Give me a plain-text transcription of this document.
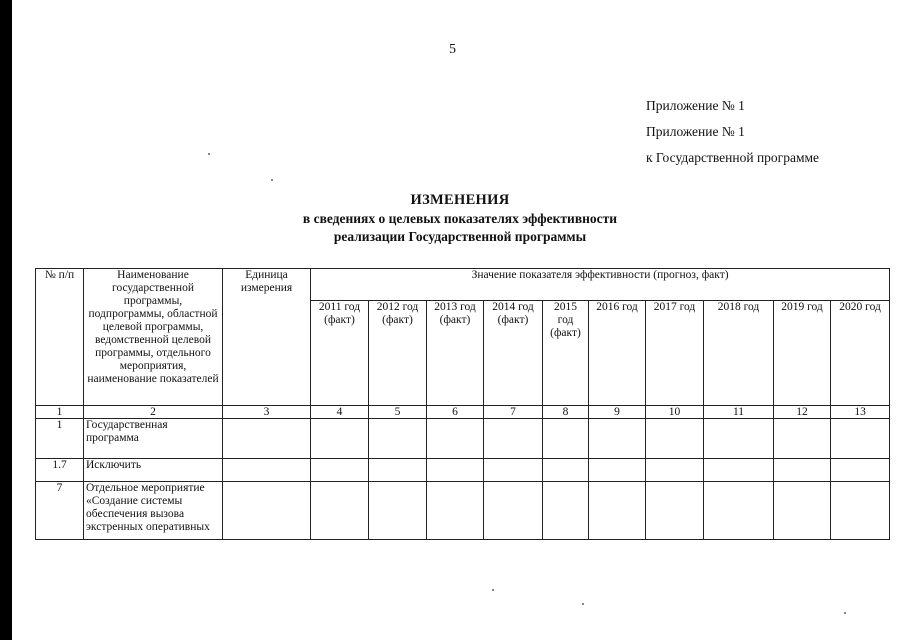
5
Приложение № 1
Приложение № 1
к Государственной программе
ИЗМЕНЕНИЯ
в сведениях о целевых показателях эффективности
реализации Государственной программы
№ п/п	Наименование государственной программы, подпрограммы, областной целевой программы, ведомственной целевой программы, отдельного мероприятия, наименование показателей	Единица измерения	Значение показателя эффективности (прогноз, факт)									
			2011 год (факт)	2012 год (факт)	2013 год (факт)	2014 год (факт)	2015 год (факт)	2016 год	2017 год	2018 год	2019 год	2020 год
1	2	3	4	5	6	7	8	9	10	11	12	13
1	Государственная программа											
1.7	Исключить											
7	Отдельное мероприятие «Создание системы обеспечения вызова экстренных оперативных											
